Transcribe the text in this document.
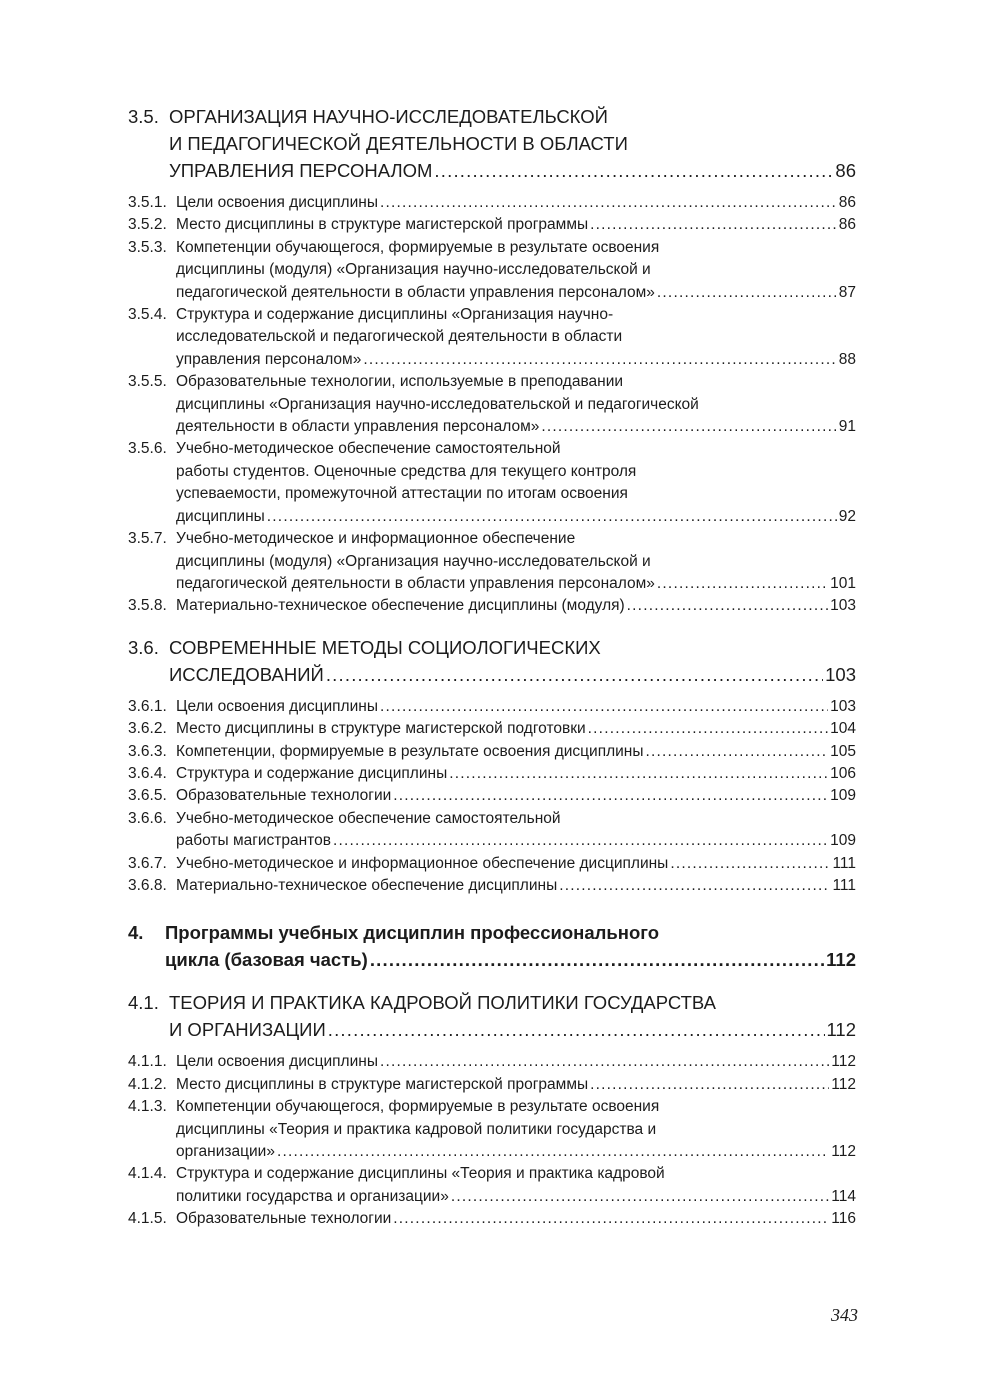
3.5. ОРГАНИЗАЦИЯ НАУЧНО-ИССЛЕДОВАТЕЛЬСКОЙ
И ПЕДАГОГИЧЕСКОЙ ДЕЯТЕЛЬНОСТИ В ОБЛАСТИ
УПРАВЛЕНИЯ ПЕРСОНАЛОМ .....	86
3.5.1. Цели освоения дисциплины .....	86
3.5.2. Место дисциплины в структуре магистерской программы .....	86
3.5.3. Компетенции обучающегося, формируемые в результате освоения
дисциплины (модуля) «Организация научно-исследовательской и
педагогической деятельности в области управления персоналом» .....	87
3.5.4. Структура и содержание дисциплины «Организация научно-
исследовательской и педагогической деятельности в области
управления персоналом» .....	88
3.5.5. Образовательные технологии, используемые в преподавании
дисциплины «Организация научно-исследовательской и педагогической
деятельности в области управления персоналом» .....	91
3.5.6. Учебно-методическое обеспечение самостоятельной
работы студентов. Оценочные средства для текущего контроля
успеваемости, промежуточной аттестации по итогам освоения
дисциплины .....	92
3.5.7. Учебно-методическое и информационное обеспечение
дисциплины (модуля) «Организация научно-исследовательской и
педагогической деятельности в области управления персоналом» .....	101
3.5.8. Материально-техническое обеспечение дисциплины (модуля) .....	103
3.6. СОВРЕМЕННЫЕ МЕТОДЫ СОЦИОЛОГИЧЕСКИХ
ИССЛЕДОВАНИЙ .....	103
3.6.1. Цели освоения дисциплины .....	103
3.6.2. Место дисциплины в структуре магистерской подготовки .....	104
3.6.3. Компетенции, формируемые в результате освоения дисциплины .....	105
3.6.4. Структура и содержание дисциплины .....	106
3.6.5. Образовательные технологии .....	109
3.6.6. Учебно-методическое обеспечение самостоятельной
работы магистрантов .....	109
3.6.7. Учебно-методическое и информационное обеспечение дисциплины .....	111
3.6.8. Материально-техническое обеспечение дисциплины .....	111
4.	Программы учебных дисциплин профессионального
цикла (базовая часть) .....	112
4.1. ТЕОРИЯ И ПРАКТИКА КАДРОВОЙ ПОЛИТИКИ ГОСУДАРСТВА
И ОРГАНИЗАЦИИ .....	112
4.1.1. Цели освоения дисциплины .....	112
4.1.2. Место дисциплины в структуре магистерской программы .....	112
4.1.3. Компетенции обучающегося, формируемые в результате освоения
дисциплины «Теория и практика кадровой политики государства и
организации» .....	112
4.1.4. Структура и содержание дисциплины «Теория и практика кадровой
политики государства и организации» .....	114
4.1.5. Образовательные технологии .....	116
343
